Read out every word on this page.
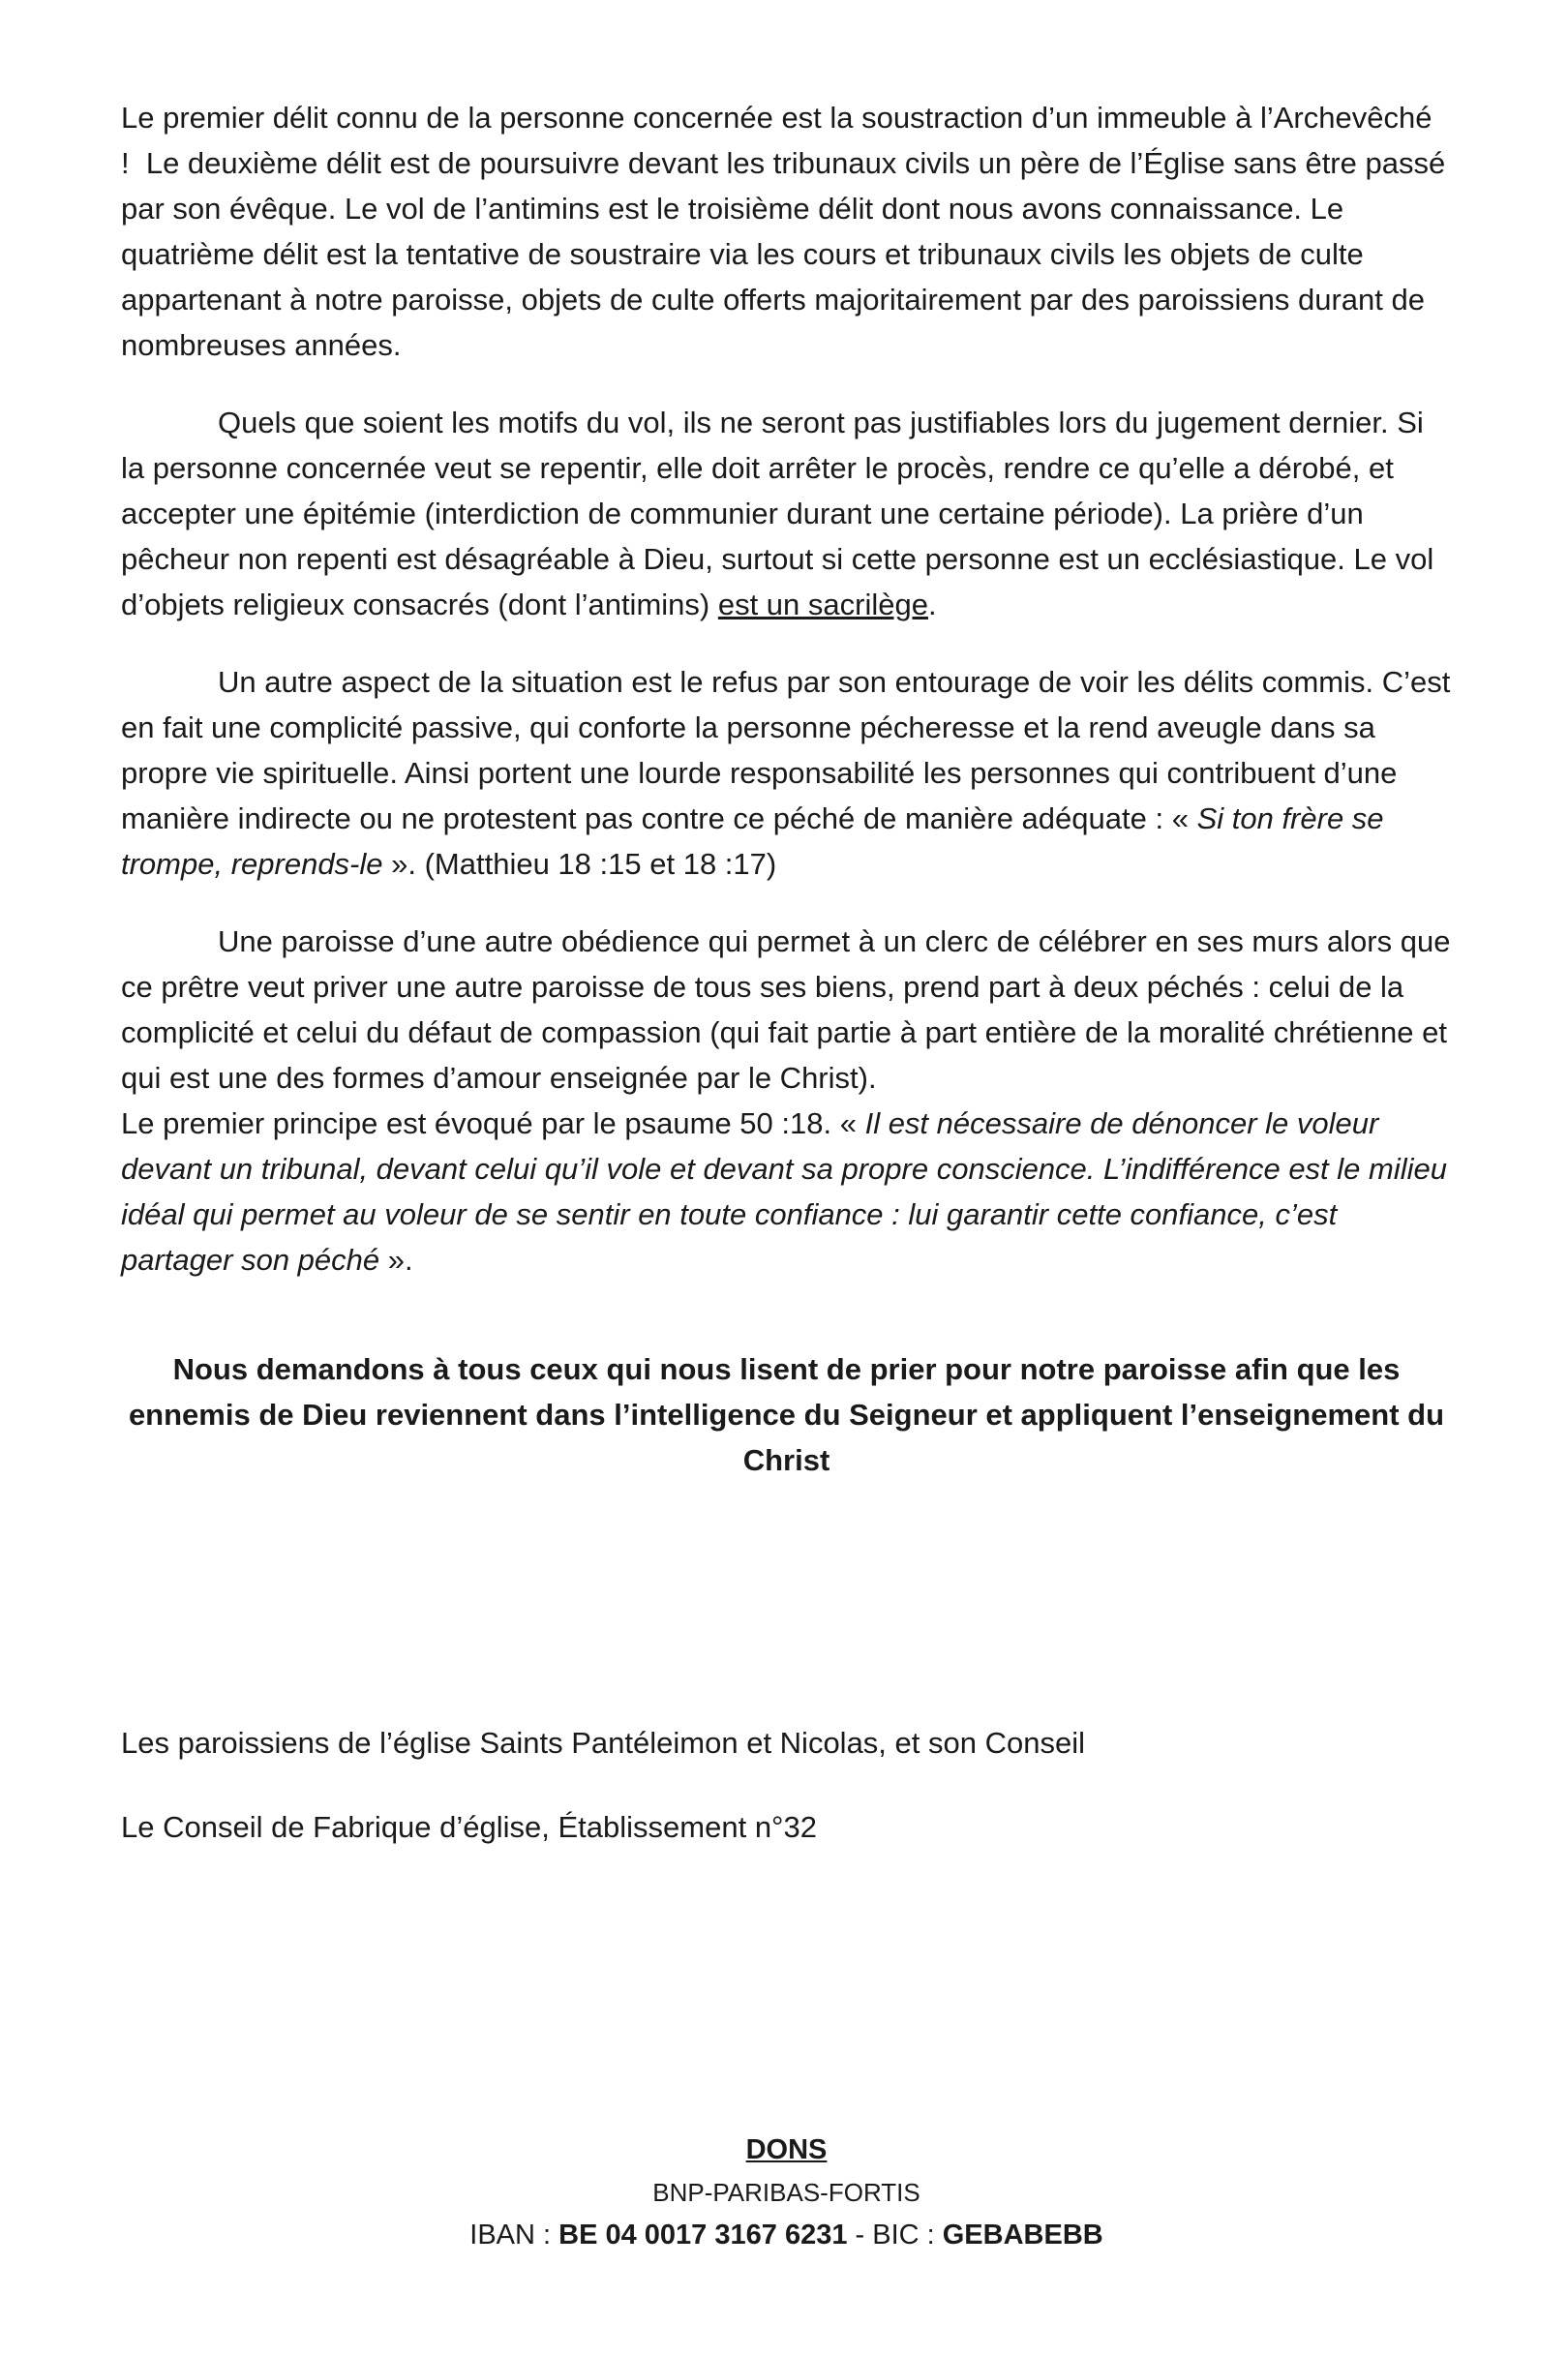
Le premier délit connu de la personne concernée est la soustraction d’un immeuble à l’Archevêché !  Le deuxième délit est de poursuivre devant les tribunaux civils un père de l’Église sans être passé par son évêque. Le vol de l’antimins est le troisième délit dont nous avons connaissance. Le quatrième délit est la tentative de soustraire via les cours et tribunaux civils les objets de culte appartenant à notre paroisse, objets de culte offerts majoritairement par des paroissiens durant de nombreuses années.

Quels que soient les motifs du vol, ils ne seront pas justifiables lors du jugement dernier. Si la personne concernée veut se repentir, elle doit arrêter le procès, rendre ce qu’elle a dérobé, et accepter une épitémie (interdiction de communier durant une certaine période). La prière d’un pêcheur non repenti est désagréable à Dieu, surtout si cette personne est un ecclésiastique. Le vol d’objets religieux consacrés (dont l’antimins) est un sacrilège.

Un autre aspect de la situation est le refus par son entourage de voir les délits commis. C’est en fait une complicité passive, qui conforte la personne pécheresse et la rend aveugle dans sa propre vie spirituelle. Ainsi portent une lourde responsabilité les personnes qui contribuent d’une manière indirecte ou ne protestent pas contre ce péché de manière adéquate : « Si ton frère se trompe, reprends-le ». (Matthieu 18 :15 et 18 :17)

Une paroisse d’une autre obédience qui permet à un clerc de célébrer en ses murs alors que ce prêtre veut priver une autre paroisse de tous ses biens, prend part à deux péchés : celui de la complicité et celui du défaut de compassion (qui fait partie à part entière de la moralité chrétienne et qui est une des formes d’amour enseignée par le Christ).
Le premier principe est évoqué par le psaume 50 :18. « Il est nécessaire de dénoncer le voleur devant un tribunal, devant celui qu’il vole et devant sa propre conscience. L’indifférence est le milieu idéal qui permet au voleur de se sentir en toute confiance : lui garantir cette confiance, c’est partager son péché ».

Nous demandons à tous ceux qui nous lisent de prier pour notre paroisse afin que les ennemis de Dieu reviennent dans l’intelligence du Seigneur et appliquent l’enseignement du Christ

Les paroissiens de l’église Saints Pantéleimon et Nicolas, et son Conseil

Le Conseil de Fabrique d’église, Établissement n°32

DONS

BNP-PARIBAS-FORTIS

IBAN : BE 04 0017 3167 6231 - BIC : GEBABEBB
